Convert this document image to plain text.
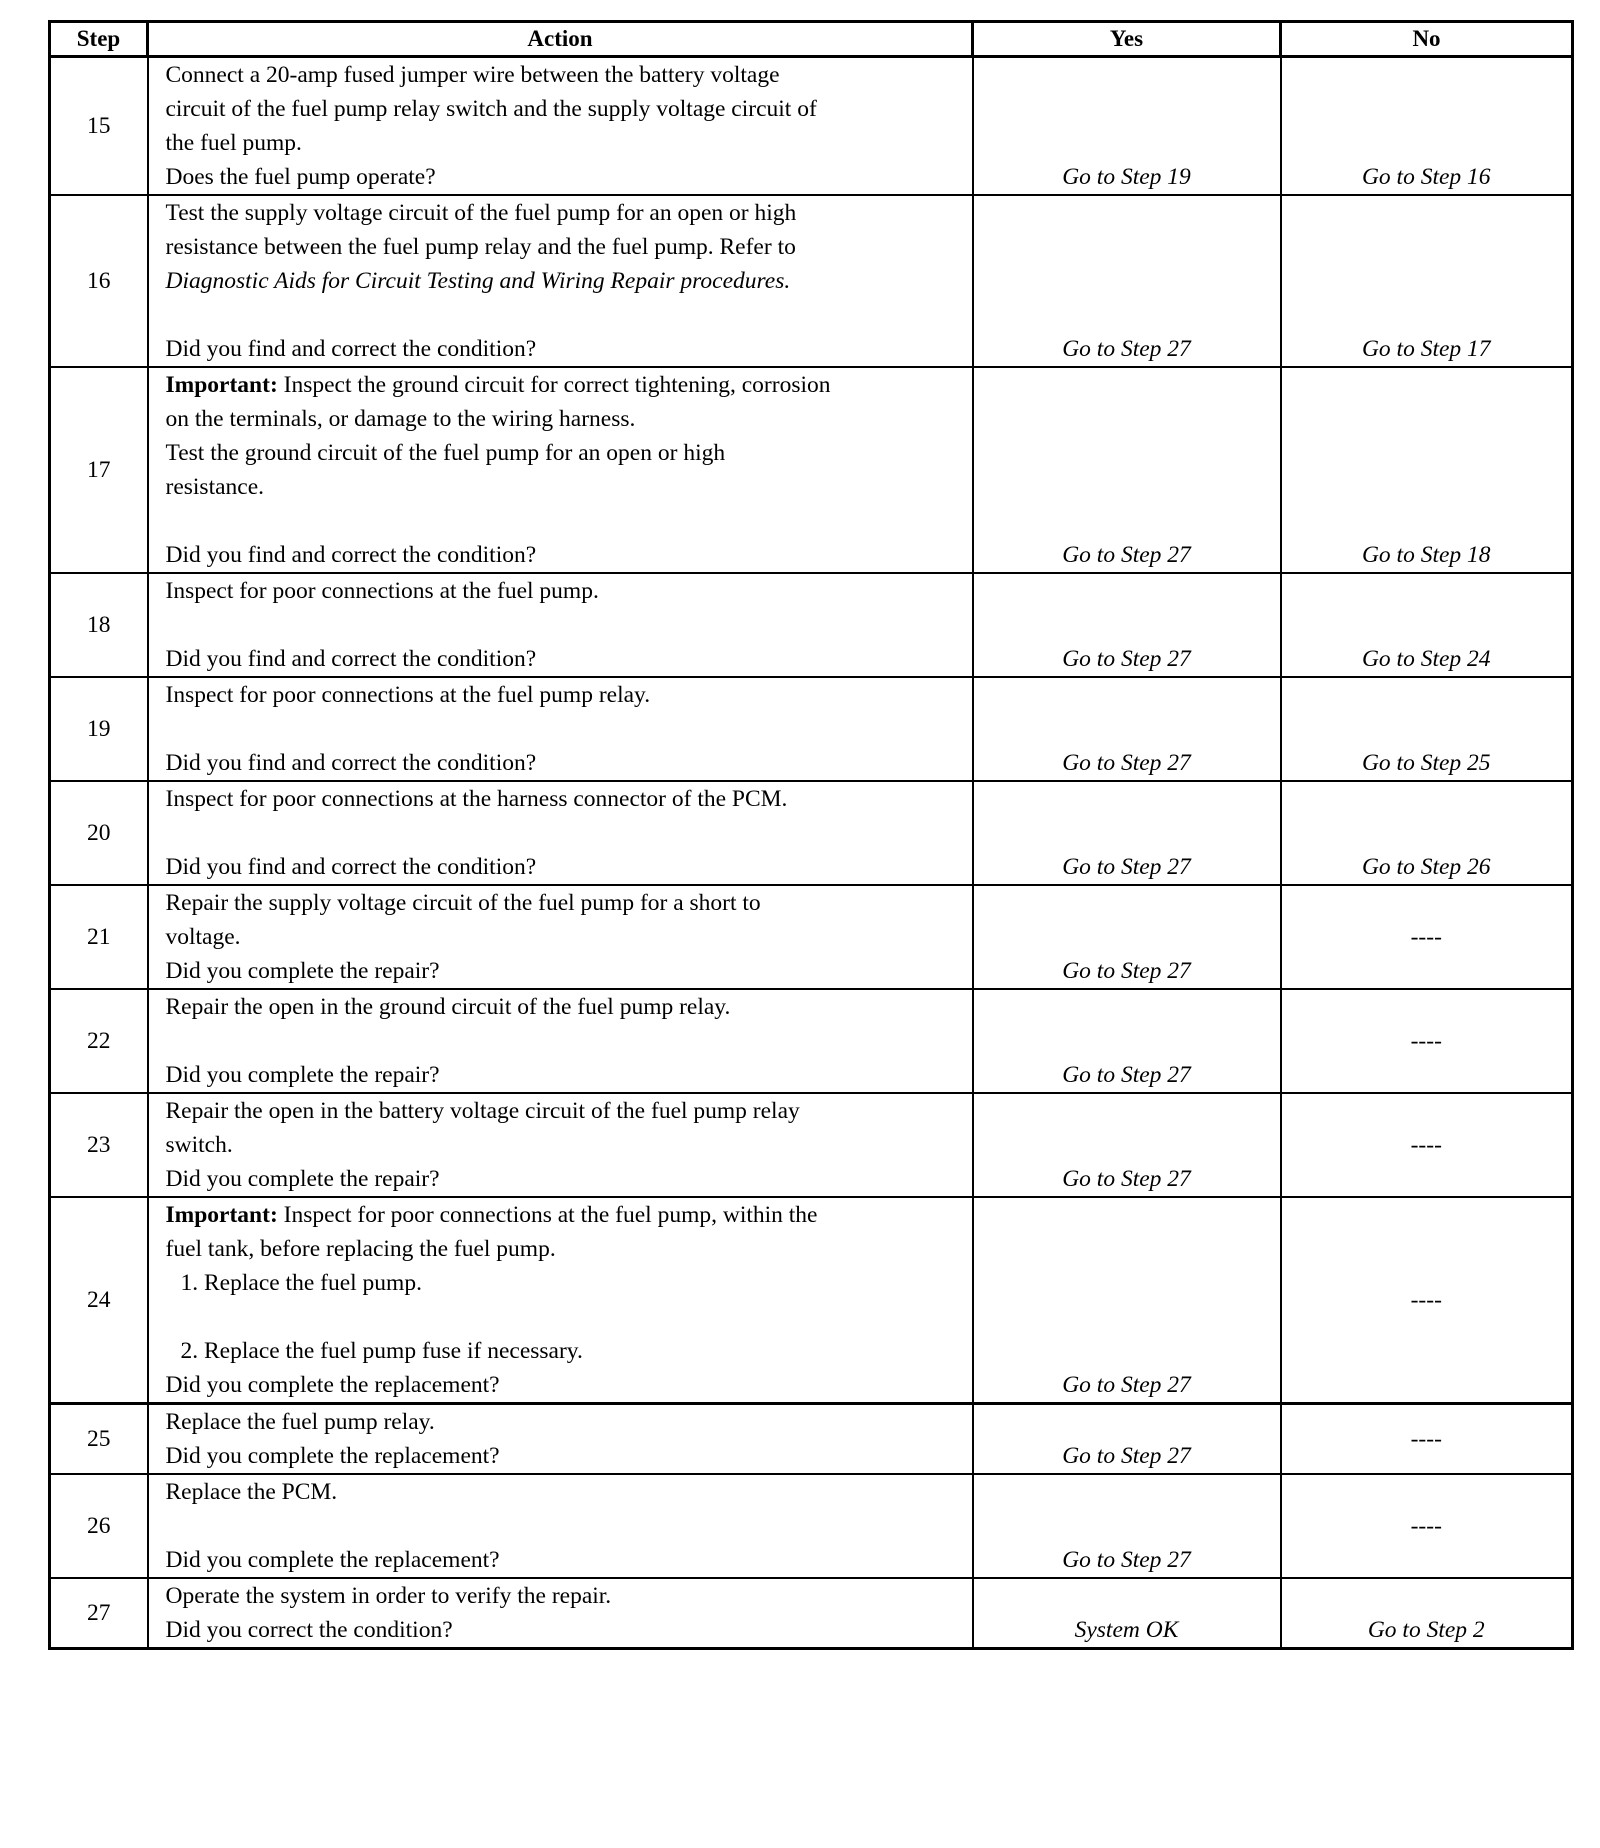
Step	Action	Yes	No
15	Connect a 20-amp fused jumper wire between the battery voltage
circuit of the fuel pump relay switch and the supply voltage circuit of
the fuel pump.
Does the fuel pump operate?	Go to Step 19	Go to Step 16
16	Test the supply voltage circuit of the fuel pump for an open or high
resistance between the fuel pump relay and the fuel pump. Refer to
Diagnostic Aids for Circuit Testing and Wiring Repair procedures.
Did you find and correct the condition?	Go to Step 27	Go to Step 17
17	Important: Inspect the ground circuit for correct tightening, corrosion
on the terminals, or damage to the wiring harness.
Test the ground circuit of the fuel pump for an open or high
resistance.
Did you find and correct the condition?	Go to Step 27	Go to Step 18
18	Inspect for poor connections at the fuel pump.
Did you find and correct the condition?	Go to Step 27	Go to Step 24
19	Inspect for poor connections at the fuel pump relay.
Did you find and correct the condition?	Go to Step 27	Go to Step 25
20	Inspect for poor connections at the harness connector of the PCM.
Did you find and correct the condition?	Go to Step 27	Go to Step 26
21	Repair the supply voltage circuit of the fuel pump for a short to
voltage.
Did you complete the repair?	Go to Step 27	----
22	Repair the open in the ground circuit of the fuel pump relay.
Did you complete the repair?	Go to Step 27	----
23	Repair the open in the battery voltage circuit of the fuel pump relay
switch.
Did you complete the repair?	Go to Step 27	----
24	Important: Inspect for poor connections at the fuel pump, within the
fuel tank, before replacing the fuel pump.
1. Replace the fuel pump.
2. Replace the fuel pump fuse if necessary.
Did you complete the replacement?	Go to Step 27	----
25	Replace the fuel pump relay.
Did you complete the replacement?	Go to Step 27	----
26	Replace the PCM.
Did you complete the replacement?	Go to Step 27	----
27	Operate the system in order to verify the repair.
Did you correct the condition?	System OK	Go to Step 2
